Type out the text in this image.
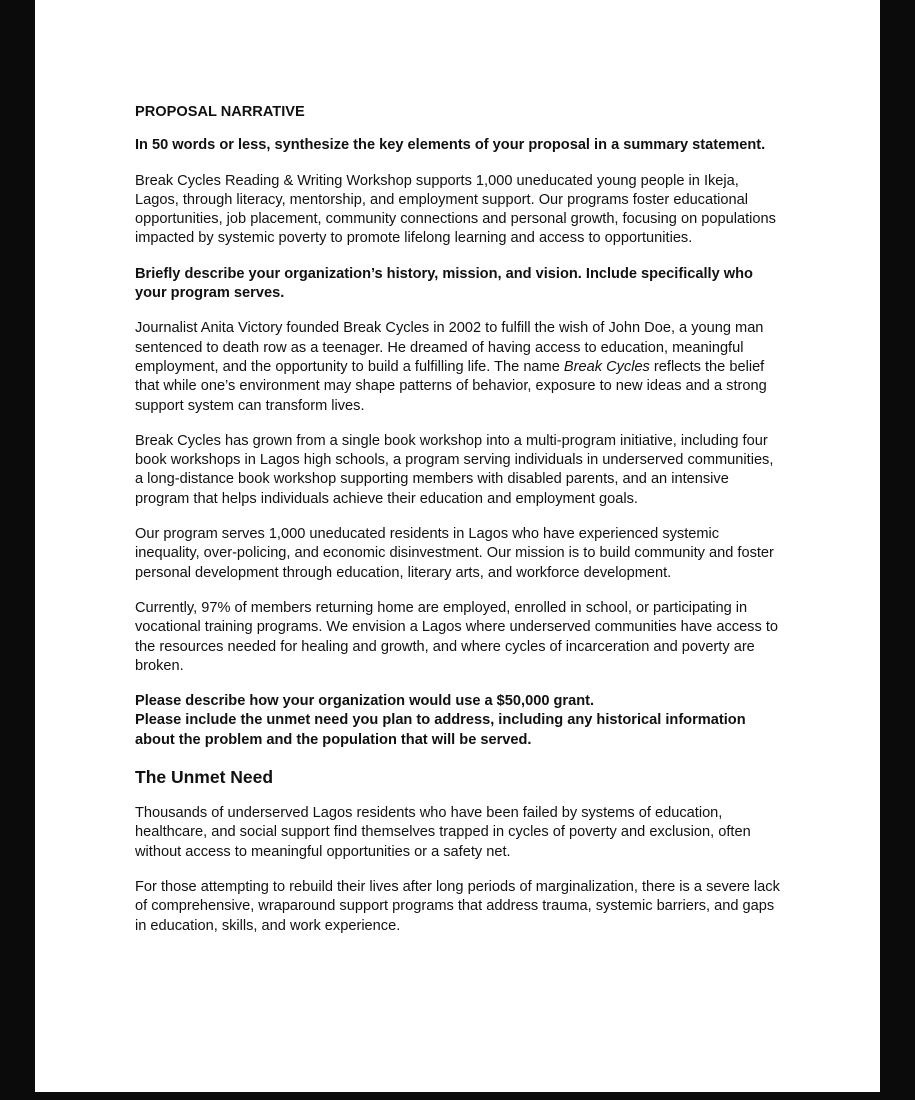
PROPOSAL NARRATIVE
In 50 words or less, synthesize the key elements of your proposal in a summary statement.
Break Cycles Reading & Writing Workshop supports 1,000 uneducated young people in Ikeja, Lagos, through literacy, mentorship, and employment support. Our programs foster educational opportunities, job placement, community connections and personal growth, focusing on populations impacted by systemic poverty to promote lifelong learning and access to opportunities.
Briefly describe your organization’s history, mission, and vision. Include specifically who your program serves.
Journalist Anita Victory founded Break Cycles in 2002 to fulfill the wish of John Doe, a young man sentenced to death row as a teenager. He dreamed of having access to education, meaningful employment, and the opportunity to build a fulfilling life. The name Break Cycles reflects the belief that while one’s environment may shape patterns of behavior, exposure to new ideas and a strong support system can transform lives.
Break Cycles has grown from a single book workshop into a multi-program initiative, including four book workshops in Lagos high schools, a program serving individuals in underserved communities, a long-distance book workshop supporting members with disabled parents, and an intensive program that helps individuals achieve their education and employment goals.
Our program serves 1,000 uneducated residents in Lagos who have experienced systemic inequality, over-policing, and economic disinvestment. Our mission is to build community and foster personal development through education, literary arts, and workforce development.
Currently, 97% of members returning home are employed, enrolled in school, or participating in vocational training programs. We envision a Lagos where underserved communities have access to the resources needed for healing and growth, and where cycles of incarceration and poverty are broken.
Please describe how your organization would use a $50,000 grant.
Please include the unmet need you plan to address, including any historical information about the problem and the population that will be served.
The Unmet Need
Thousands of underserved Lagos residents who have been failed by systems of education, healthcare, and social support find themselves trapped in cycles of poverty and exclusion, often without access to meaningful opportunities or a safety net.
For those attempting to rebuild their lives after long periods of marginalization, there is a severe lack of comprehensive, wraparound support programs that address trauma, systemic barriers, and gaps in education, skills, and work experience.
